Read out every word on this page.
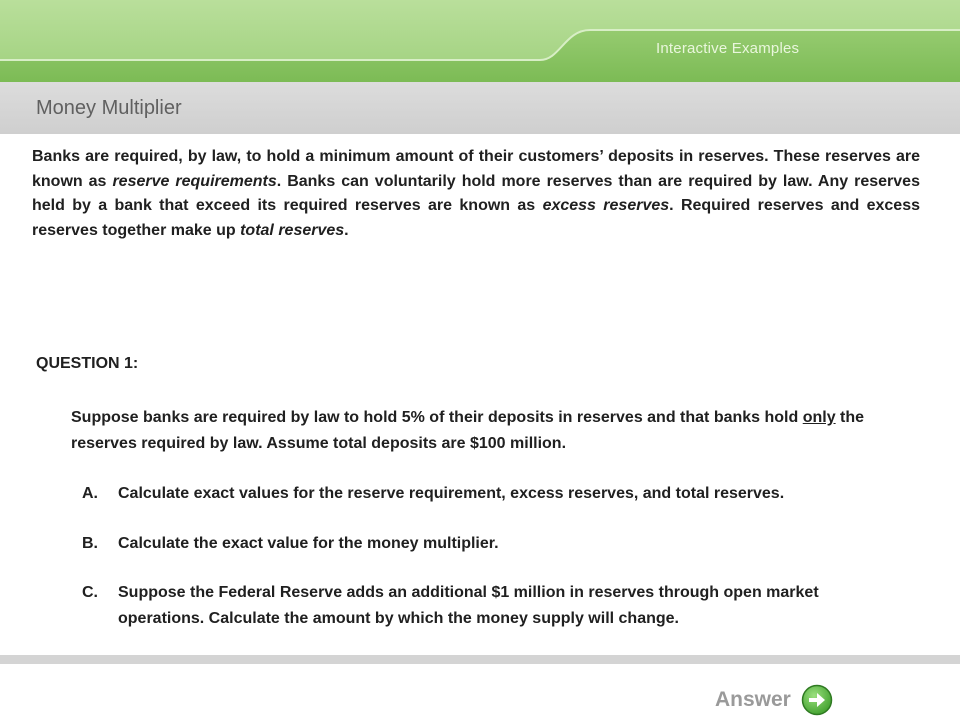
Interactive Examples
Money Multiplier

Banks are required, by law, to hold a minimum amount of their customers’ deposits in reserves. These reserves are known as reserve requirements. Banks can voluntarily hold more reserves than are required by law. Any reserves held by a bank that exceed its required reserves are known as excess reserves. Required reserves and excess reserves together make up total reserves.

QUESTION 1:

Suppose banks are required by law to hold 5% of their deposits in reserves and that banks hold only the reserves required by law. Assume total deposits are $100 million.

A. Calculate exact values for the reserve requirement, excess reserves, and total reserves.
B. Calculate the exact value for the money multiplier.
C. Suppose the Federal Reserve adds an additional $1 million in reserves through open market operations. Calculate the amount by which the money supply will change.
Answer
